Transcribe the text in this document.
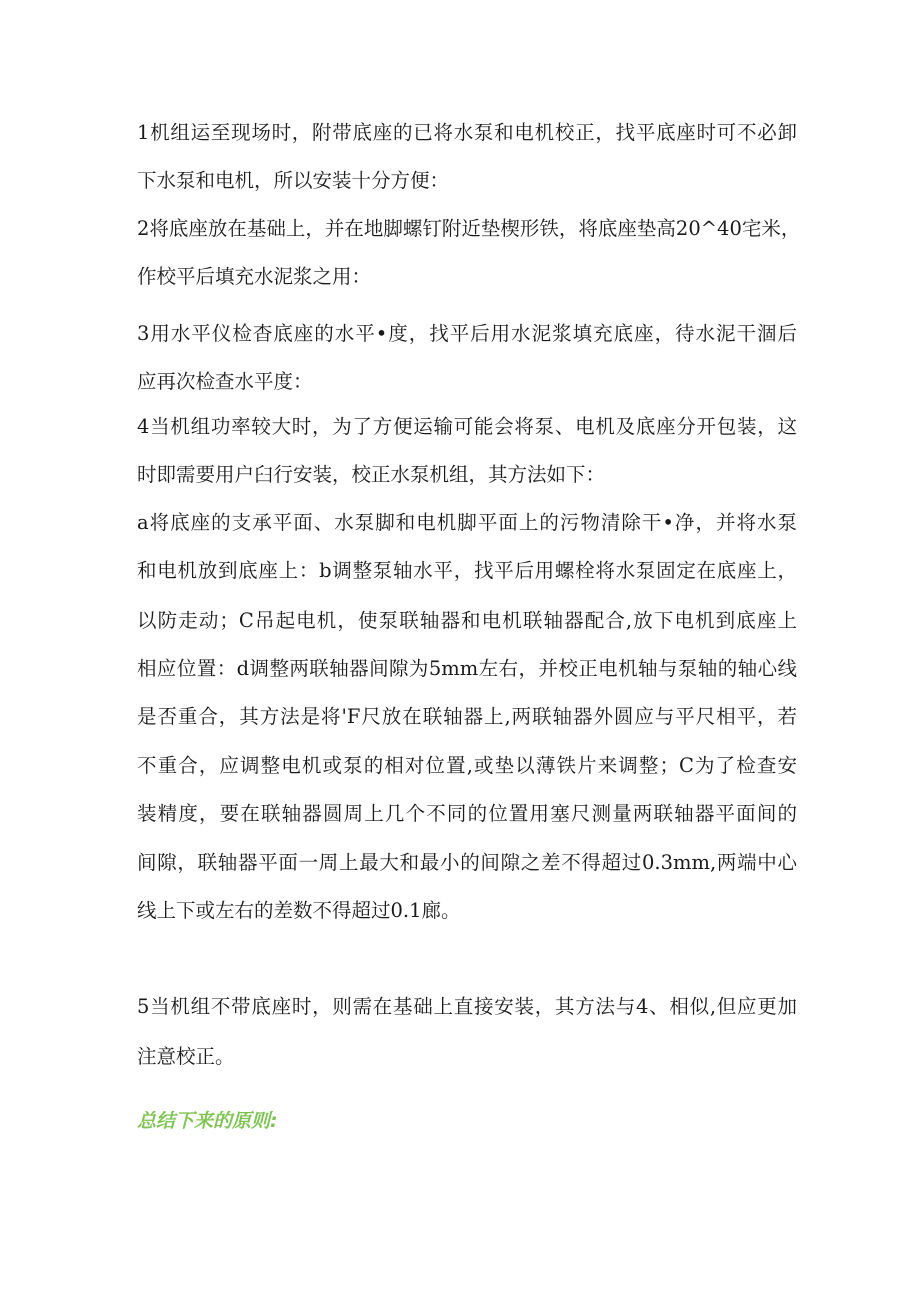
1机组运至现场时，附带底座的已将水泵和电机校正，找平底座时可不必卸
下水泵和电机，所以安装十分方便：
2将底座放在基础上，并在地脚螺钉附近垫楔形铁，将底座垫高20^40宅米，
作校平后填充水泥浆之用：
3用水平仪检杳底座的水平•度，找平后用水泥浆填充底座，待水泥干涸后
应再次检查水平度：
4当机组功率较大时，为了方便运输可能会将泵、电机及底座分开包装，这
时即需要用户臼行安装，校正水泵机组，其方法如下：
a将底座的支承平面、水泵脚和电机脚平面上的污物清除干•净，并将水泵
和电机放到底座上：b调整泵轴水平，找平后用螺栓将水泵固定在底座上，
以防走动；C吊起电机，使泵联轴器和电机联轴器配合,放下电机到底座上
相应位置：d调整两联轴器间隙为5mm左右，并校正电机轴与泵轴的轴心线
是否重合，其方法是将'F尺放在联轴器上,两联轴器外圆应与平尺相平，若
不重合，应调整电机或泵的相对位置,或垫以薄铁片来调整；C为了检查安
装精度，要在联轴器圆周上几个不同的位置用塞尺测量两联轴器平面间的
间隙，联轴器平面一周上最大和最小的间隙之差不得超过0.3mm,两端中心
线上下或左右的差数不得超过0.1廊。
5当机组不带底座时，则需在基础上直接安装，其方法与4、相似,但应更加
注意校正。
总结下来的原则:
